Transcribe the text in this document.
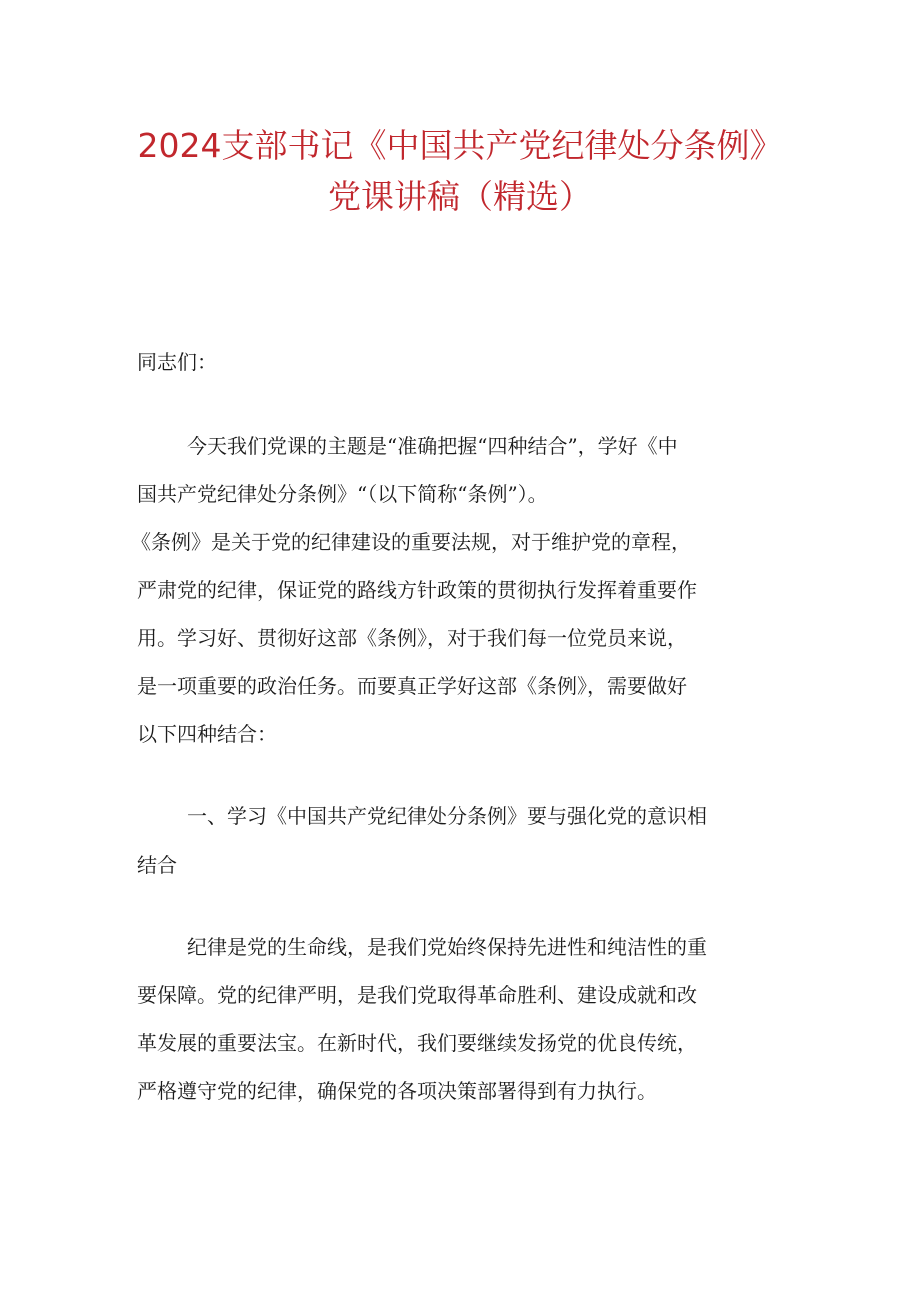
2024支部书记《中国共产党纪律处分条例》
党课讲稿（精选）

同志们：

今天我们党课的主题是“准确把握“四种结合”，学好《中

国共产党纪律处分条例》“（以下简称“条例”）。

《条例》是关于党的纪律建设的重要法规，对于维护党的章程，

严肃党的纪律，保证党的路线方针政策的贯彻执行发挥着重要作

用。学习好、贯彻好这部《条例》，对于我们每一位党员来说，

是一项重要的政治任务。而要真正学好这部《条例》，需要做好

以下四种结合：

一、学习《中国共产党纪律处分条例》要与强化党的意识相

结合

纪律是党的生命线，是我们党始终保持先进性和纯洁性的重

要保障。党的纪律严明，是我们党取得革命胜利、建设成就和改

革发展的重要法宝。在新时代，我们要继续发扬党的优良传统，

严格遵守党的纪律，确保党的各项决策部署得到有力执行。
